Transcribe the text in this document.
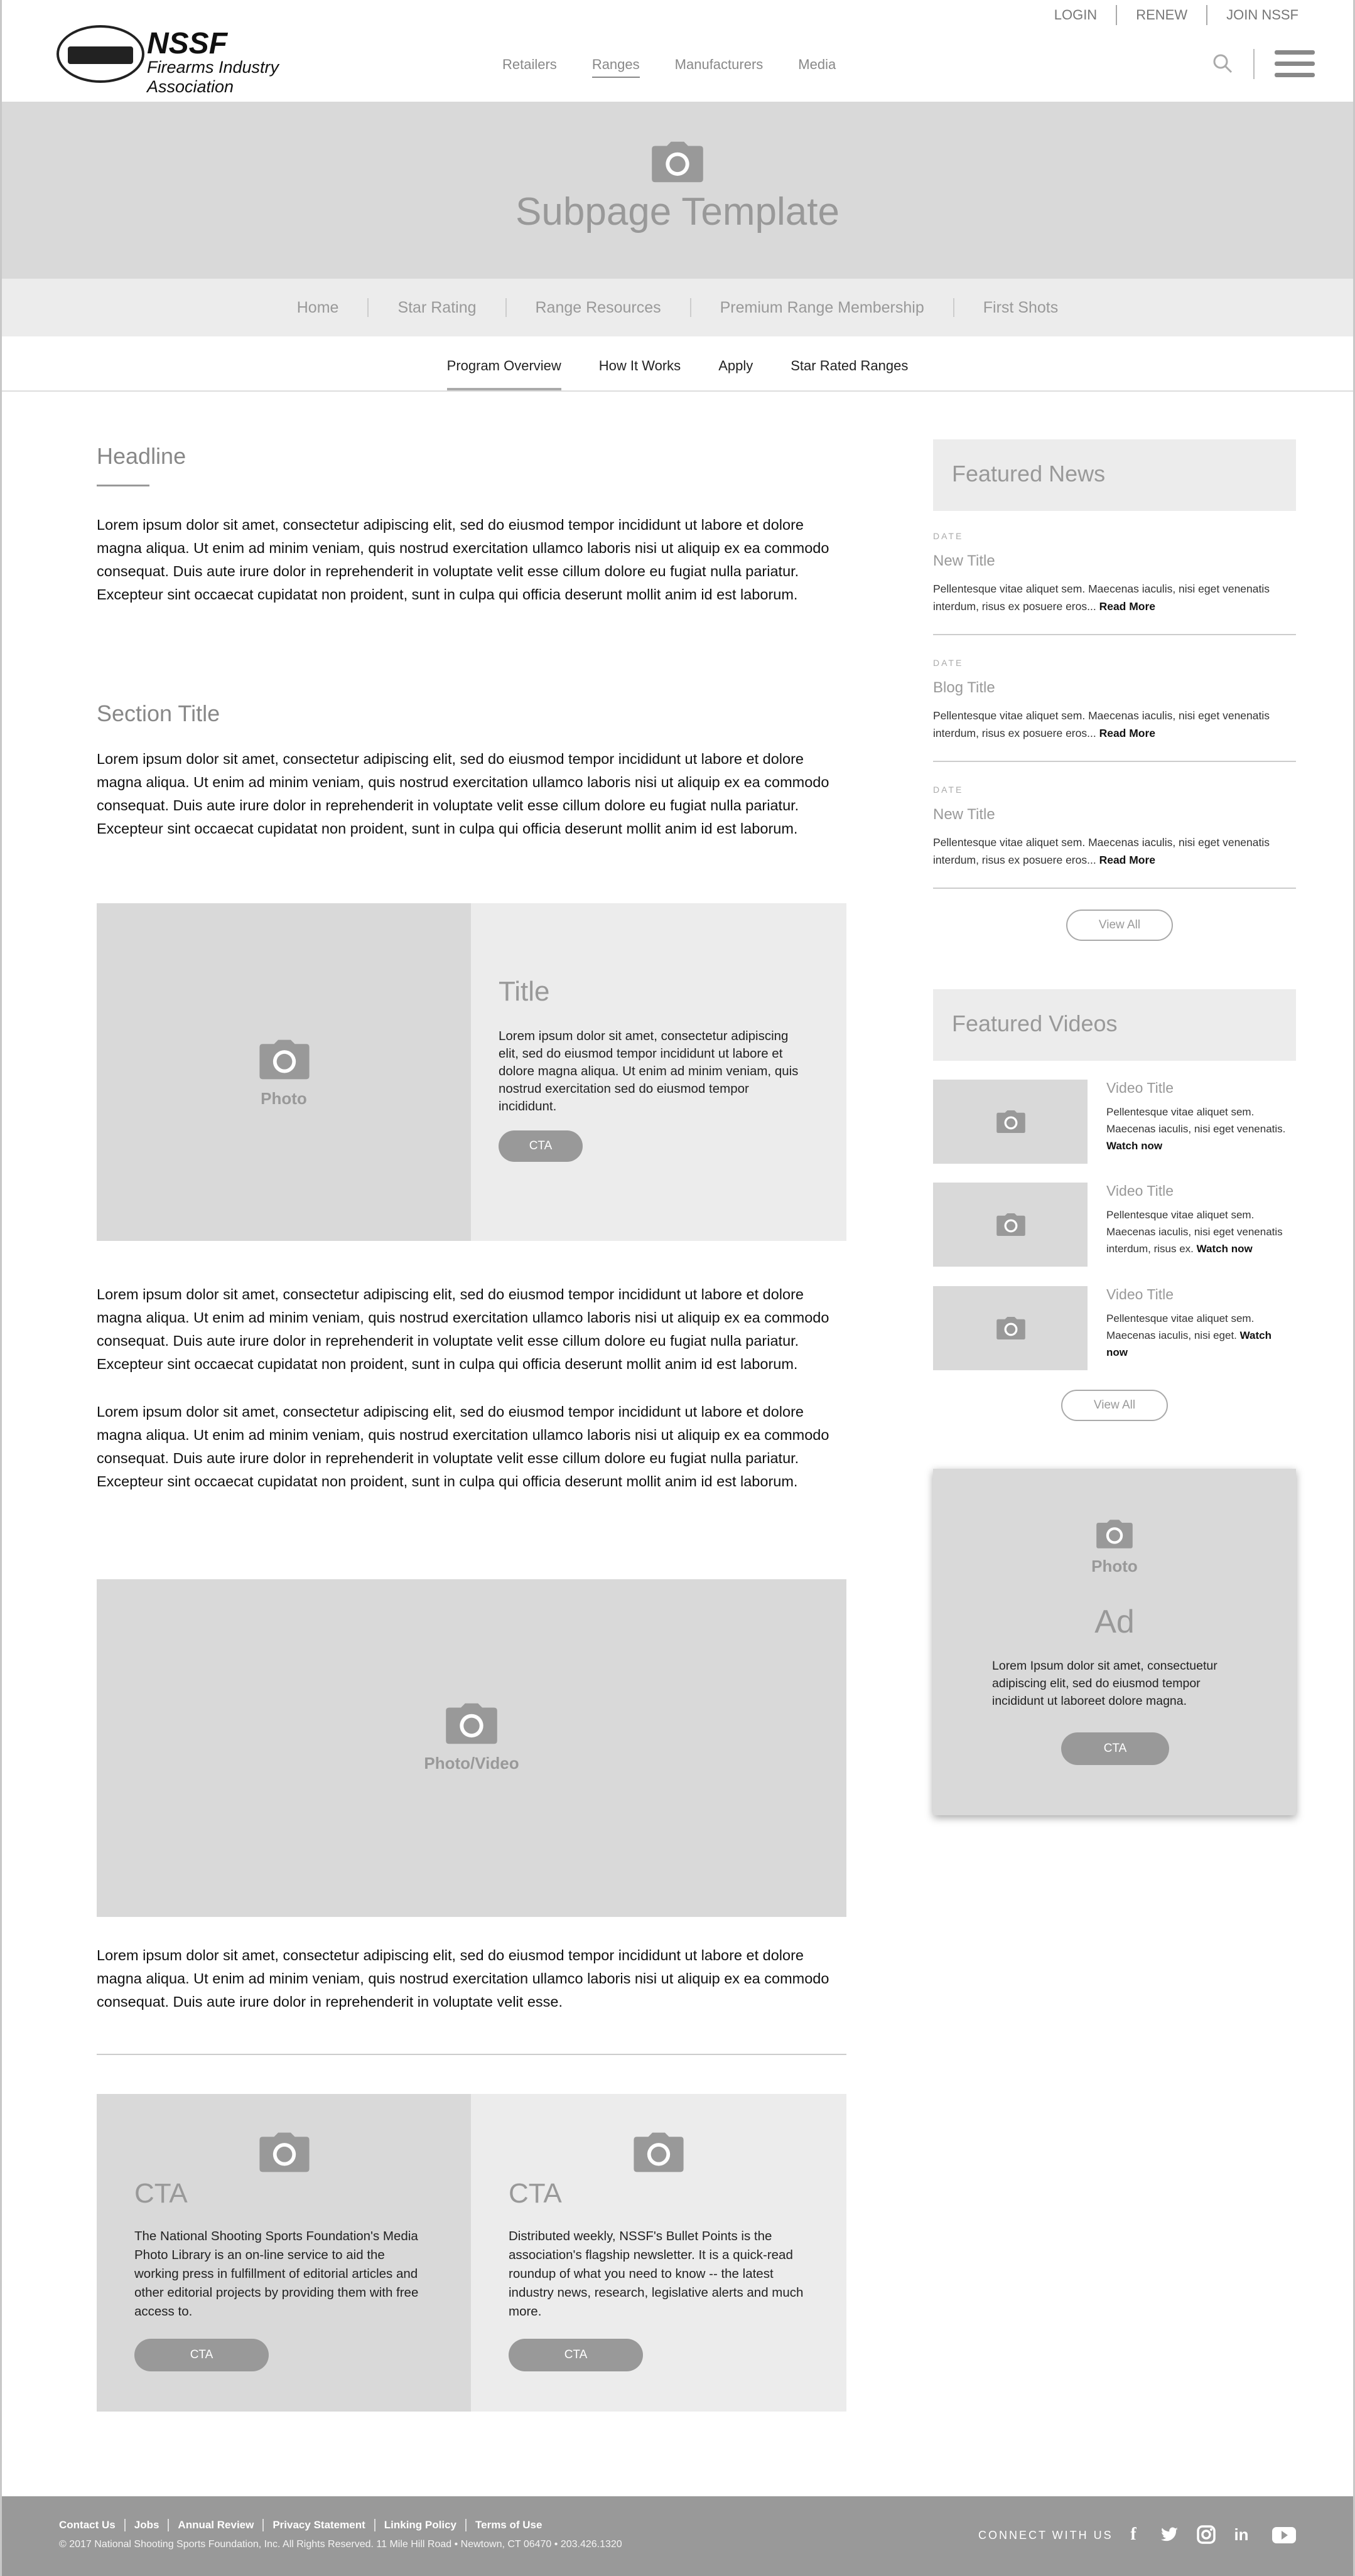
LOGIN	RENEW	JOIN NSSF
NSSF
Firearms Industry Association
Retailers	Ranges	Manufacturers	Media
Subpage Template
Home	Star Rating	Range Resources	Premium Range Membership	First Shots
Program Overview	How It Works	Apply	Star Rated Ranges
Headline
Lorem ipsum dolor sit amet, consectetur adipiscing elit, sed do eiusmod tempor incididunt ut labore et dolore magna aliqua. Ut enim ad minim veniam, quis nostrud exercitation ullamco laboris nisi ut aliquip ex ea commodo consequat. Duis aute irure dolor in reprehenderit in voluptate velit esse cillum dolore eu fugiat nulla pariatur. Excepteur sint occaecat cupidatat non proident, sunt in culpa qui officia deserunt mollit anim id est laborum.
Section Title
Lorem ipsum dolor sit amet, consectetur adipiscing elit, sed do eiusmod tempor incididunt ut labore et dolore magna aliqua. Ut enim ad minim veniam, quis nostrud exercitation ullamco laboris nisi ut aliquip ex ea commodo consequat. Duis aute irure dolor in reprehenderit in voluptate velit esse cillum dolore eu fugiat nulla pariatur. Excepteur sint occaecat cupidatat non proident, sunt in culpa qui officia deserunt mollit anim id est laborum.
Photo
Title
Lorem ipsum dolor sit amet, consectetur adipiscing elit, sed do eiusmod tempor incididunt ut labore et dolore magna aliqua. Ut enim ad minim veniam, quis nostrud exercitation sed do eiusmod tempor incididunt.
CTA
Lorem ipsum dolor sit amet, consectetur adipiscing elit, sed do eiusmod tempor incididunt ut labore et dolore magna aliqua. Ut enim ad minim veniam, quis nostrud exercitation ullamco laboris nisi ut aliquip ex ea commodo consequat. Duis aute irure dolor in reprehenderit in voluptate velit esse cillum dolore eu fugiat nulla pariatur. Excepteur sint occaecat cupidatat non proident, sunt in culpa qui officia deserunt mollit anim id est laborum.
Lorem ipsum dolor sit amet, consectetur adipiscing elit, sed do eiusmod tempor incididunt ut labore et dolore magna aliqua. Ut enim ad minim veniam, quis nostrud exercitation ullamco laboris nisi ut aliquip ex ea commodo consequat. Duis aute irure dolor in reprehenderit in voluptate velit esse cillum dolore eu fugiat nulla pariatur. Excepteur sint occaecat cupidatat non proident, sunt in culpa qui officia deserunt mollit anim id est laborum.
Photo/Video
Lorem ipsum dolor sit amet, consectetur adipiscing elit, sed do eiusmod tempor incididunt ut labore et dolore magna aliqua. Ut enim ad minim veniam, quis nostrud exercitation ullamco laboris nisi ut aliquip ex ea commodo consequat. Duis aute irure dolor in reprehenderit in voluptate velit esse.
CTA
The National Shooting Sports Foundation's Media Photo Library is an on-line service to aid the working press in fulfillment of editorial articles and other editorial projects by providing them with free access to.
CTA
CTA
Distributed weekly, NSSF's Bullet Points is the association's flagship newsletter. It is a quick-read roundup of what you need to know -- the latest industry news, research, legislative alerts and much more.
CTA
Featured News
DATE
New Title
Pellentesque vitae aliquet sem. Maecenas iaculis, nisi eget venenatis interdum, risus ex posuere eros... Read More
DATE
Blog Title
Pellentesque vitae aliquet sem. Maecenas iaculis, nisi eget venenatis interdum, risus ex posuere eros... Read More
DATE
New Title
Pellentesque vitae aliquet sem. Maecenas iaculis, nisi eget venenatis interdum, risus ex posuere eros... Read More
View All
Featured Videos
Video Title
Pellentesque vitae aliquet sem. Maecenas iaculis, nisi eget venenatis. Watch now
Video Title
Pellentesque vitae aliquet sem. Maecenas iaculis, nisi eget venenatis interdum, risus ex. Watch now
Video Title
Pellentesque vitae aliquet sem. Maecenas iaculis, nisi eget. Watch now
View All
Photo
Ad
Lorem Ipsum dolor sit amet, consectuetur adipiscing elit, sed do eiusmod tempor incididunt ut laboreet dolore magna.
CTA
Contact Us	Jobs	Annual Review	Privacy Statement	Linking Policy	Terms of Use
© 2017 National Shooting Sports Foundation, Inc. All Rights Reserved. 11 Mile Hill Road • Newtown, CT 06470 • 203.426.1320
CONNECT WITH US f	in
